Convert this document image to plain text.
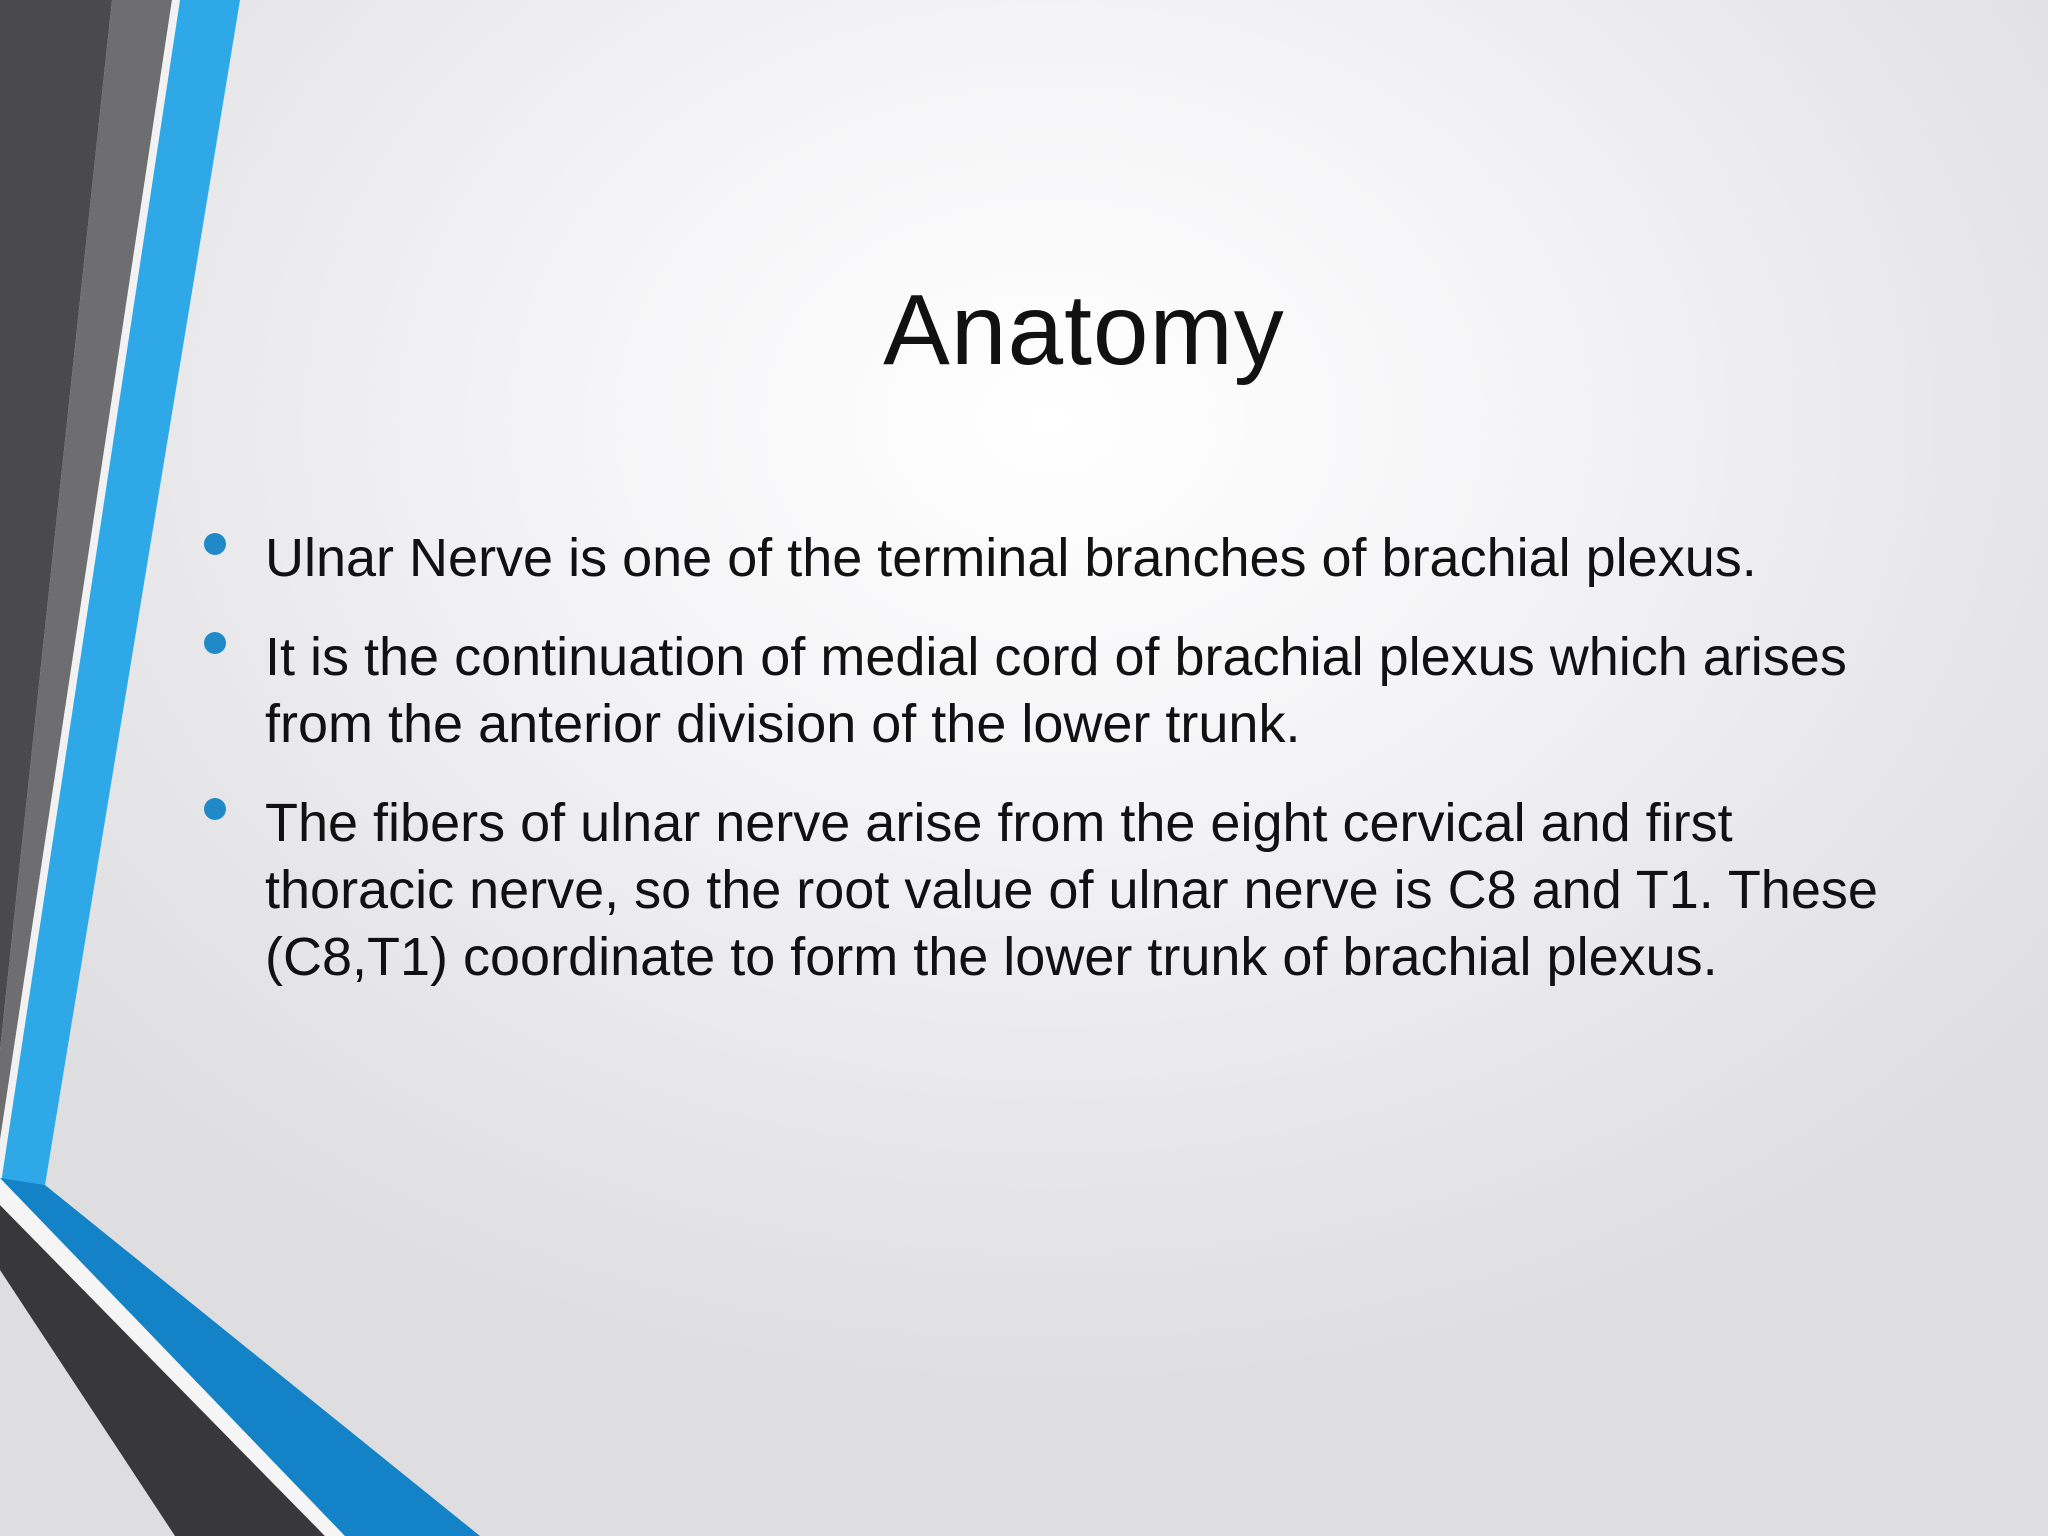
Anatomy
Ulnar Nerve is one of the terminal branches of brachial plexus.
It is the continuation of medial cord of brachial plexus which arises from the anterior division of the lower trunk.
The fibers of ulnar nerve arise from the eight cervical and first thoracic nerve, so the root value of ulnar nerve is C8 and T1. These (C8,T1) coordinate to form the lower trunk of brachial plexus.
